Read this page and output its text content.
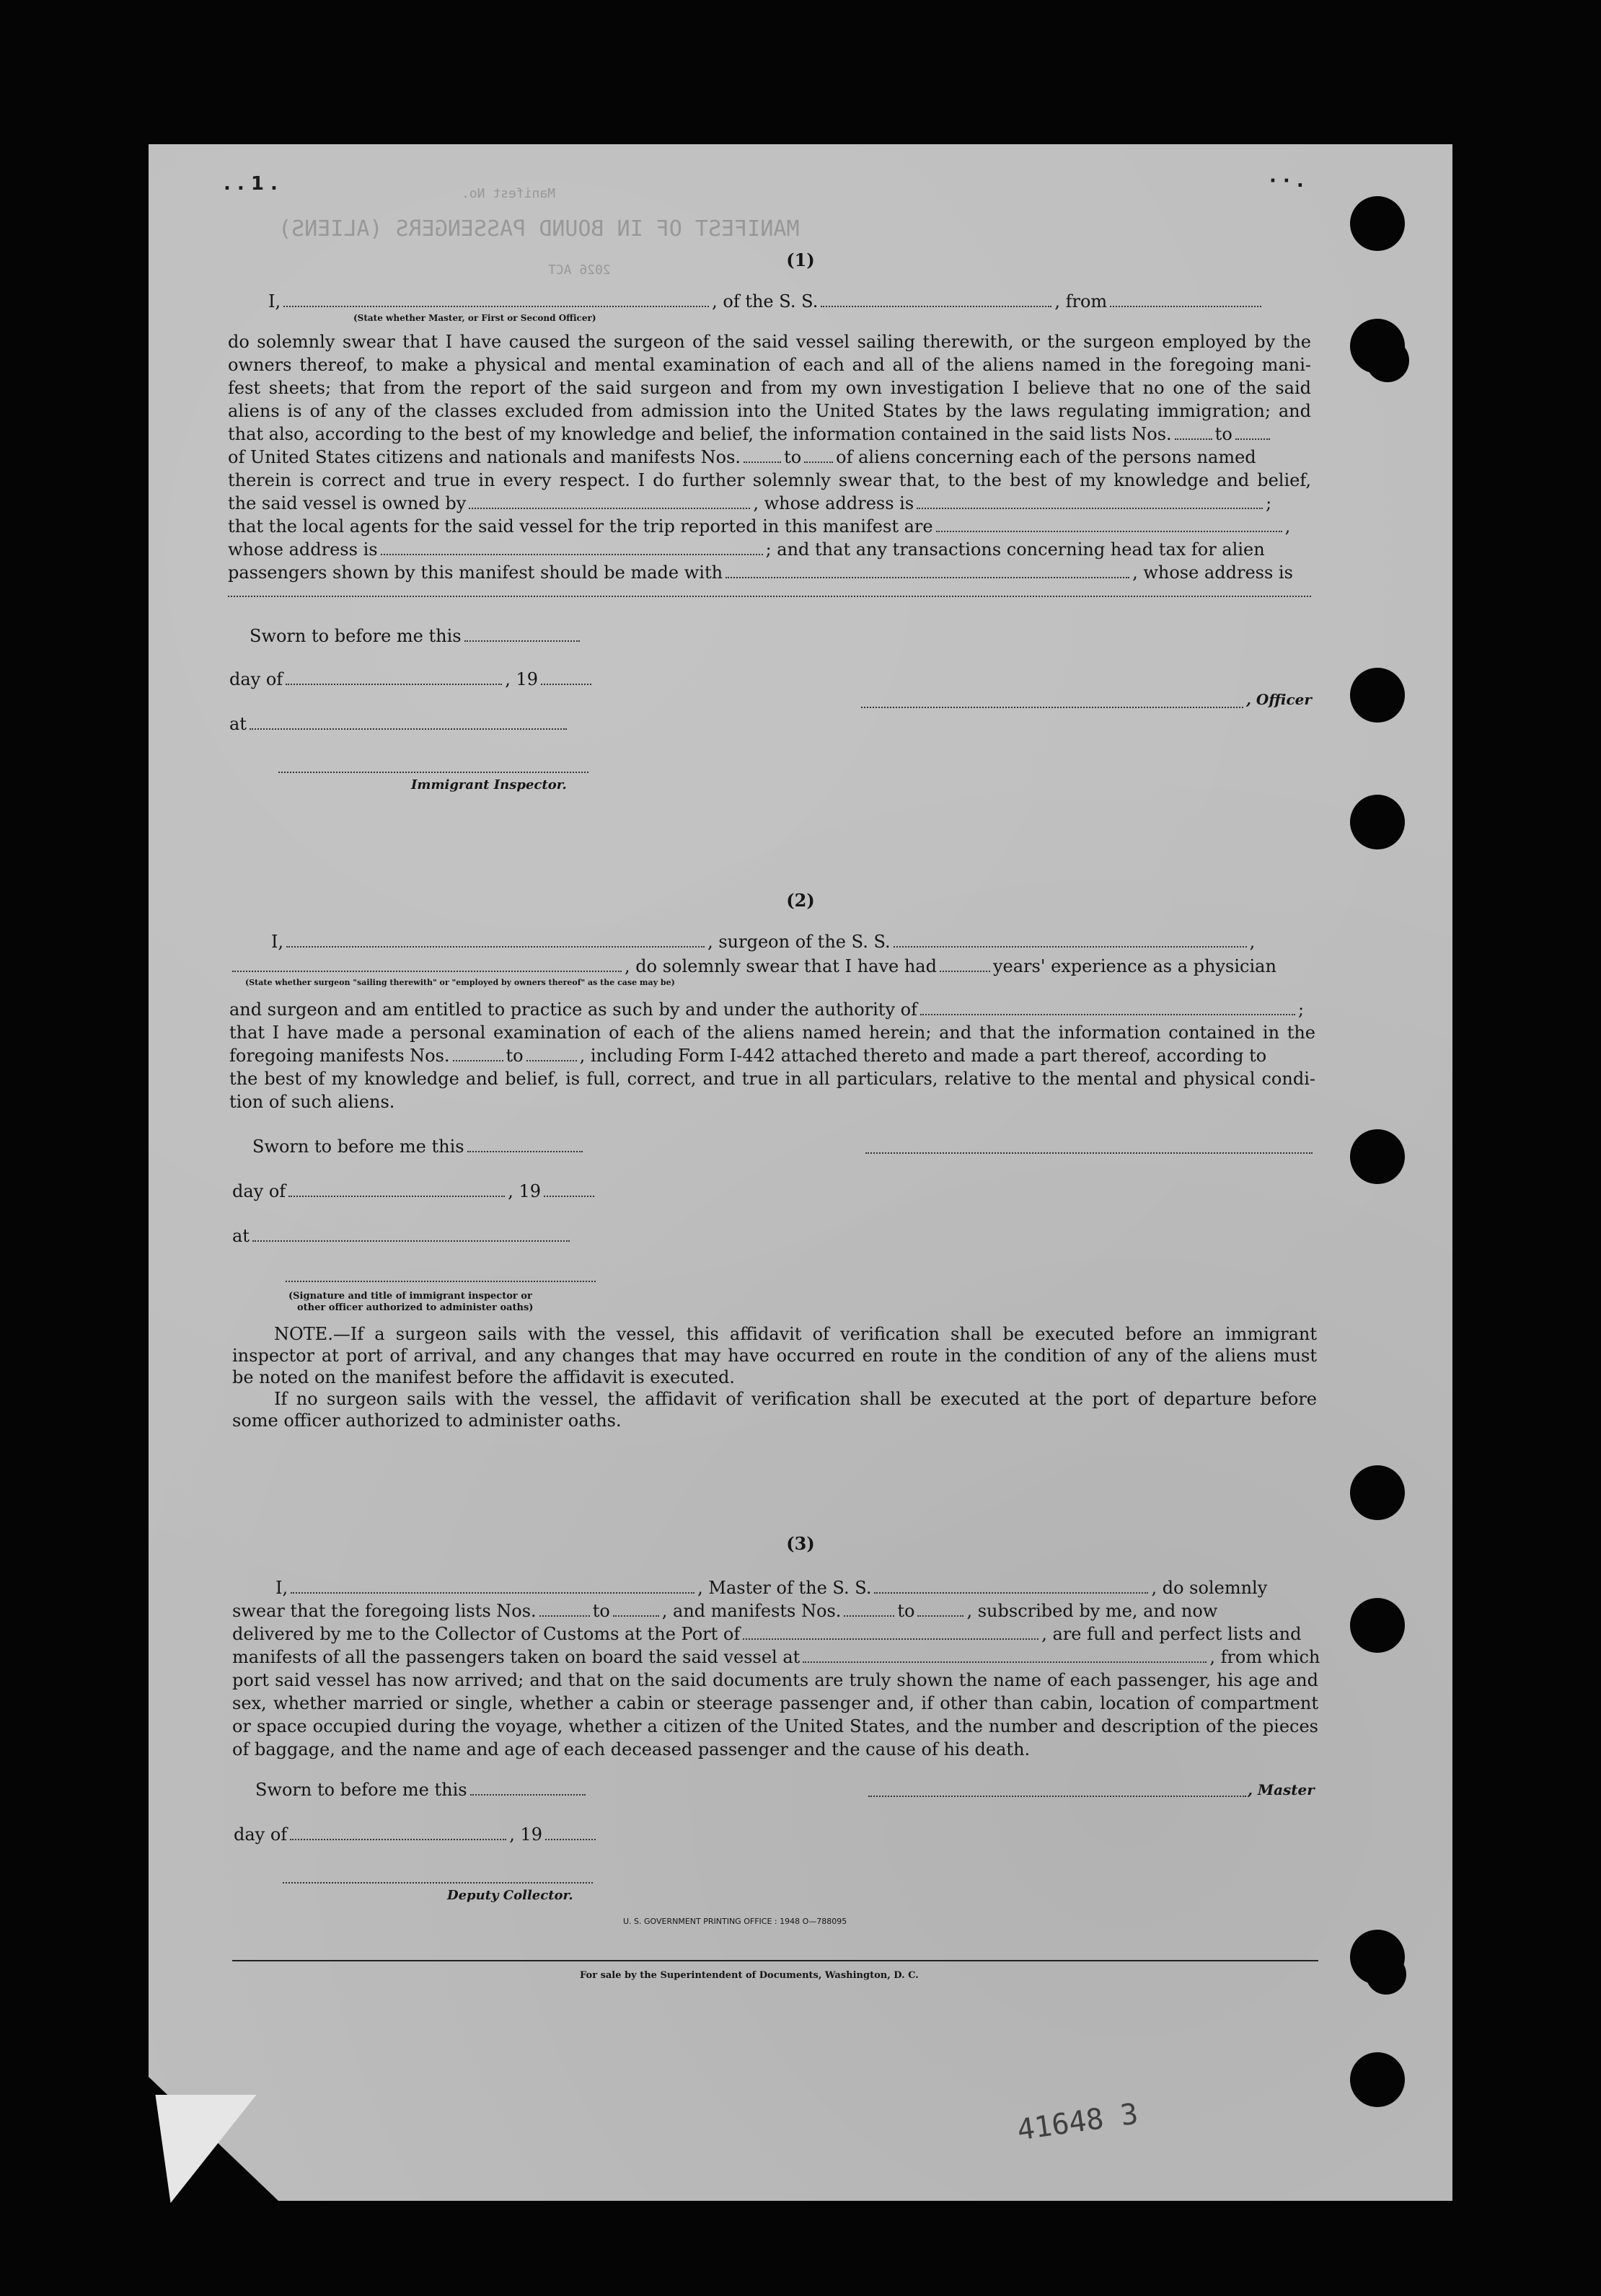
MANIFEST OF IN BOUND PASSENGERS (ALIENS)
Manifest No.
2026 ACT
. . 1 .	· · .
(1)
I,	, of the S. S.	, from
(State whether Master, or First or Second Officer)
do solemnly swear that I have caused the surgeon of the said vessel sailing therewith, or the surgeon employed by the
owners thereof, to make a physical and mental examination of each and all of the aliens named in the foregoing mani-
fest sheets; that from the report of the said surgeon and from my own investigation I believe that no one of the said
aliens is of any of the classes excluded from admission into the United States by the laws regulating immigration; and
that also, according to the best of my knowledge and belief, the information contained in the said lists Nos.	to
of United States citizens and nationals and manifests Nos.	to of aliens concerning each of the persons named
therein is correct and true in every respect. I do further solemnly swear that, to the best of my knowledge and belief,
the said vessel is owned by	, whose address is	;
that the local agents for the said vessel for the trip reported in this manifest are	,
whose address is	; and that any transactions concerning head tax for alien
passengers shown by this manifest should be made with	, whose address is
Sworn to before me this
day of	, 19
at
, Officer
Immigrant Inspector.
(2)
I,	, surgeon of the S. S.	,
, do solemnly swear that I have had	years' experience as a physician
(State whether surgeon "sailing therewith" or "employed by owners thereof" as the case may be)
and surgeon and am entitled to practice as such by and under the authority of	;
that I have made a personal examination of each of the aliens named herein; and that the information contained in the
foregoing manifests Nos.	to	, including Form I-442 attached thereto and made a part thereof, according to
the best of my knowledge and belief, is full, correct, and true in all particulars, relative to the mental and physical condi-
tion of such aliens.
Sworn to before me this
day of	, 19
at
(Signature and title of immigrant inspector or
other officer authorized to administer oaths)
NOTE.—If a surgeon sails with the vessel, this affidavit of verification shall be executed before an immigrant
inspector at port of arrival, and any changes that may have occurred en route in the condition of any of the aliens must
be noted on the manifest before the affidavit is executed.
If no surgeon sails with the vessel, the affidavit of verification shall be executed at the port of departure before
some officer authorized to administer oaths.
(3)
I,	, Master of the S. S.	, do solemnly
swear that the foregoing lists Nos.	to	, and manifests Nos.	to	, subscribed by me, and now
delivered by me to the Collector of Customs at the Port of	, are full and perfect lists and
manifests of all the passengers taken on board the said vessel at	, from which
port said vessel has now arrived; and that on the said documents are truly shown the name of each passenger, his age and
sex, whether married or single, whether a cabin or steerage passenger and, if other than cabin, location of compartment
or space occupied during the voyage, whether a citizen of the United States, and the number and description of the pieces
of baggage, and the name and age of each deceased passenger and the cause of his death.
Sworn to before me this	, Master
day of	, 19
Deputy Collector.
U. S. GOVERNMENT PRINTING OFFICE : 1948 O—788095
For sale by the Superintendent of Documents, Washington, D. C.
41648 3
